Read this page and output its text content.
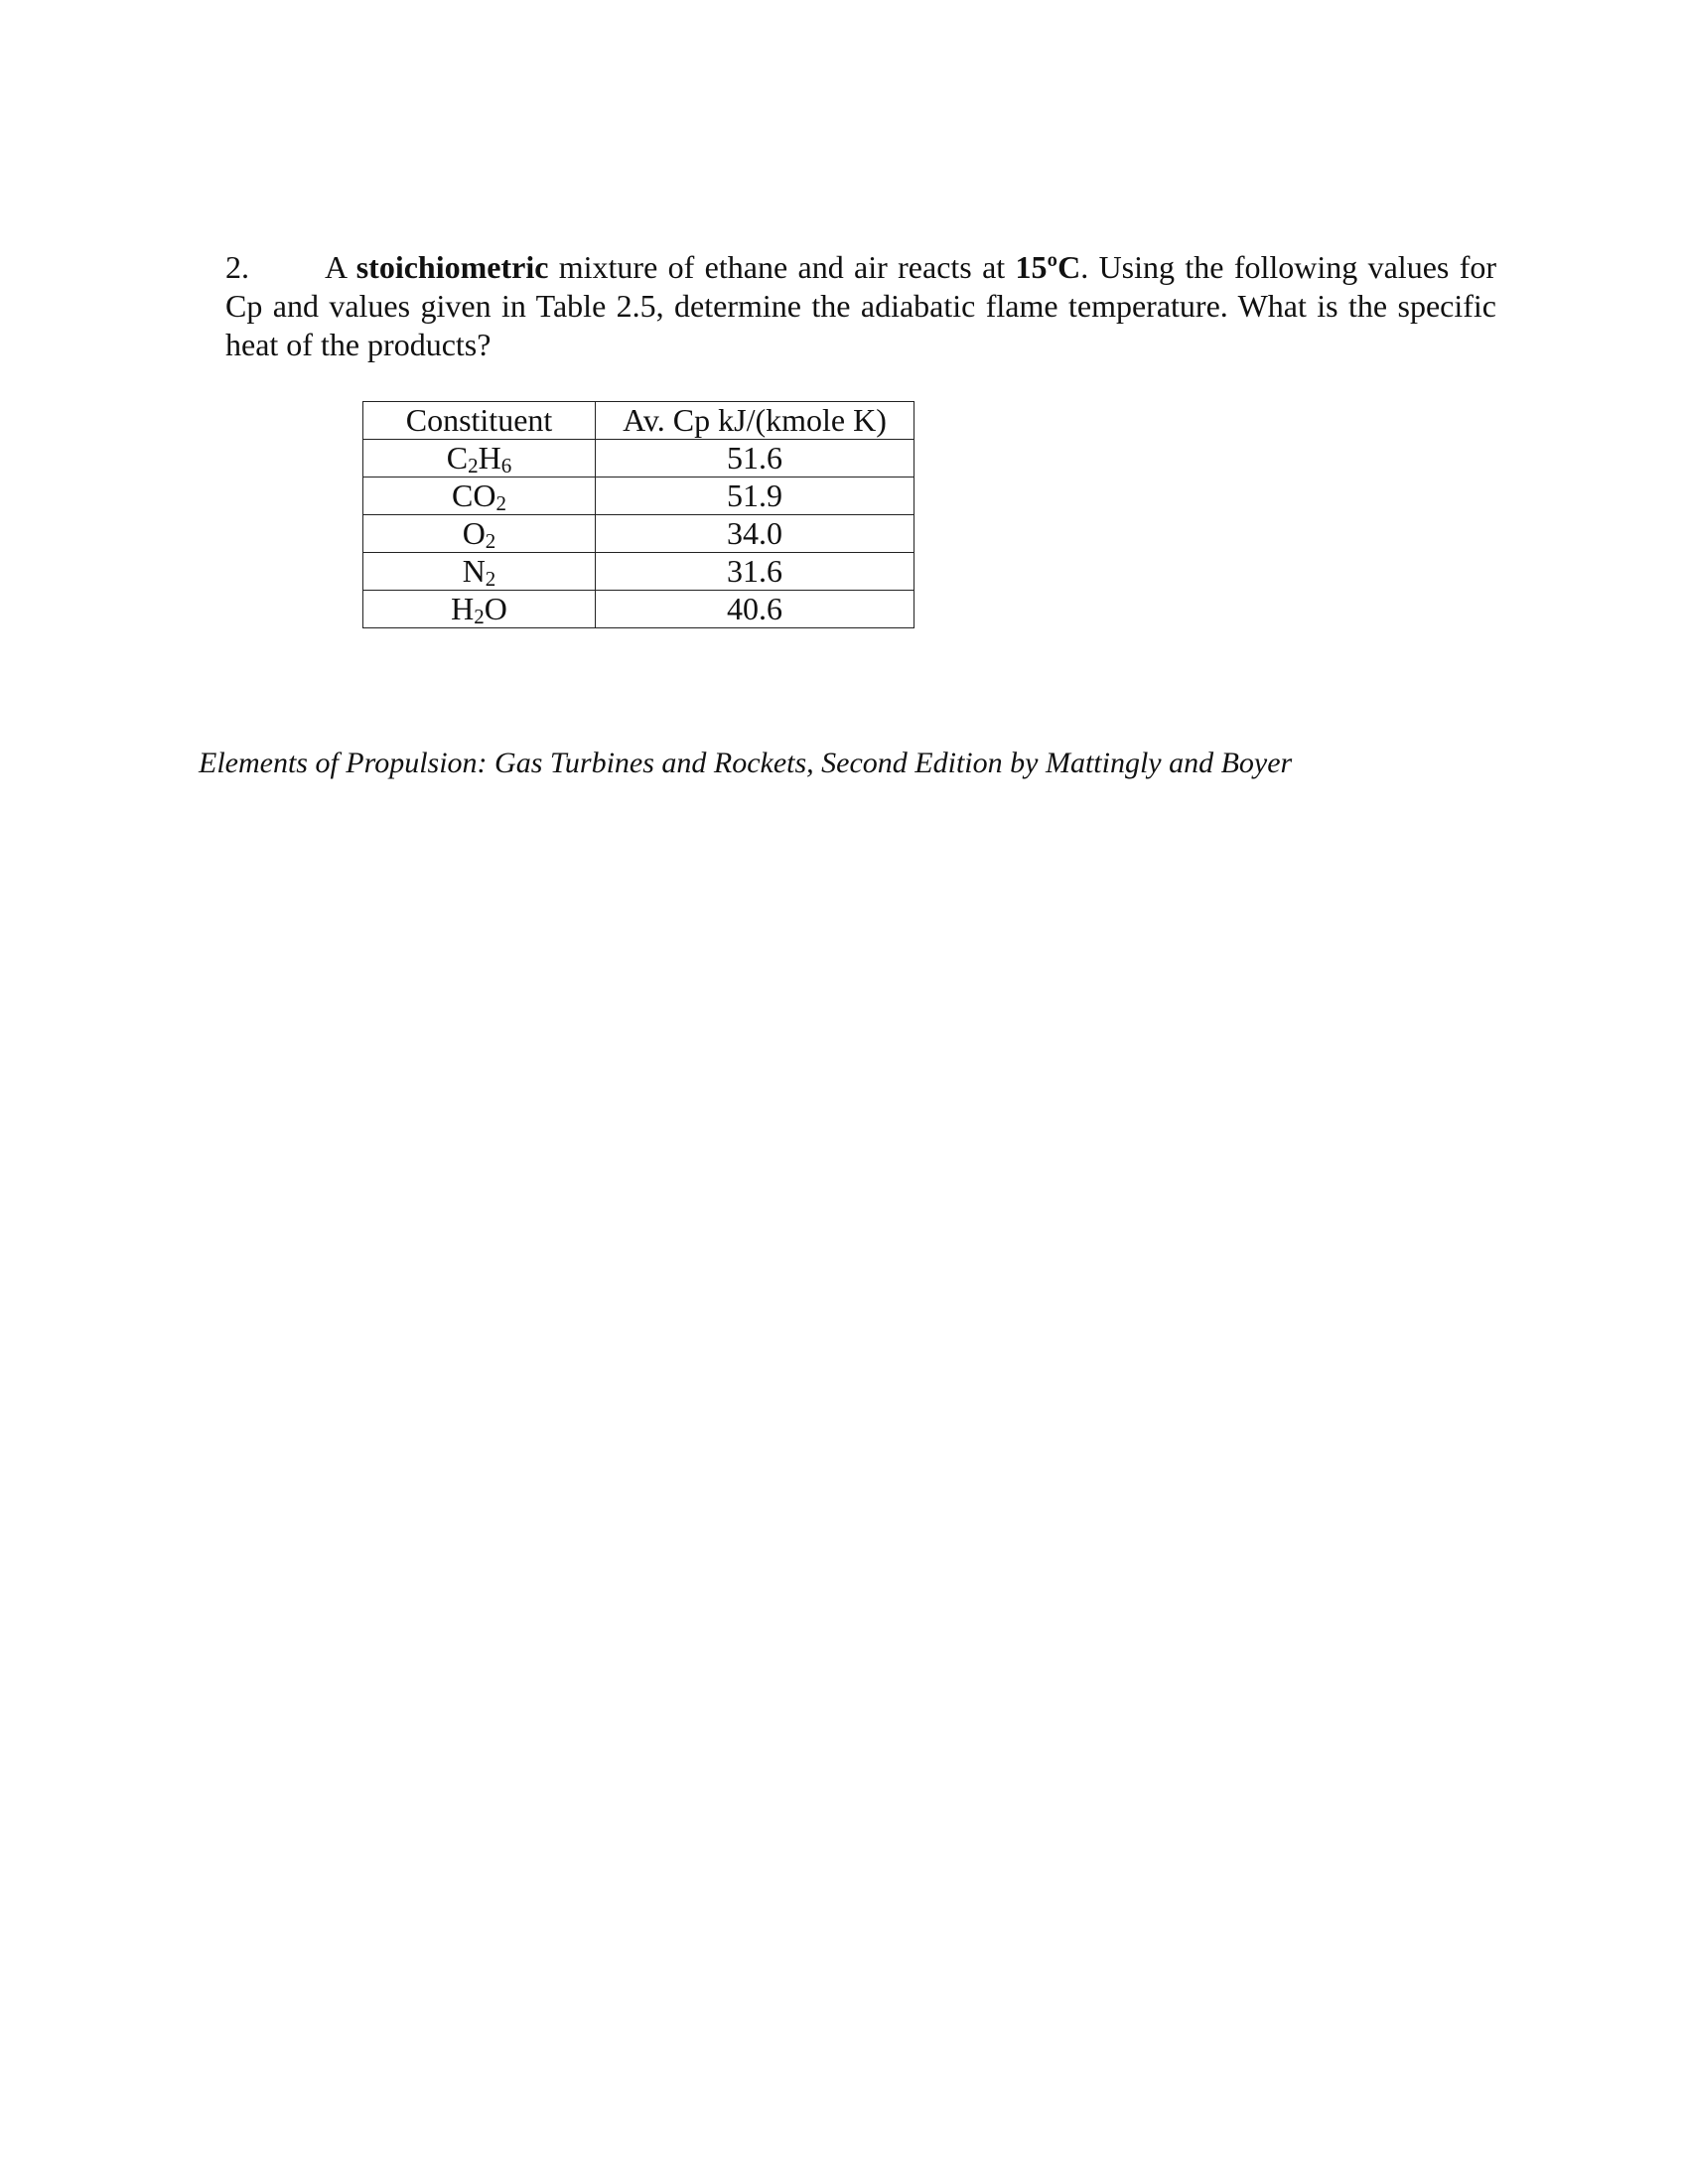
2. A stoichiometric mixture of ethane and air reacts at 15ºC. Using the following values for Cp and values given in Table 2.5, determine the adiabatic flame temperature. What is the specific heat of the products?
Constituent	Av. Cp kJ/(kmole K)
$C_2H_6$	51.6
$CO_2$	51.9
$O_2$	34.0
$N_2$	31.6
$H_2O$	40.6
Elements of Propulsion: Gas Turbines and Rockets, Second Edition by Mattingly and Boyer
